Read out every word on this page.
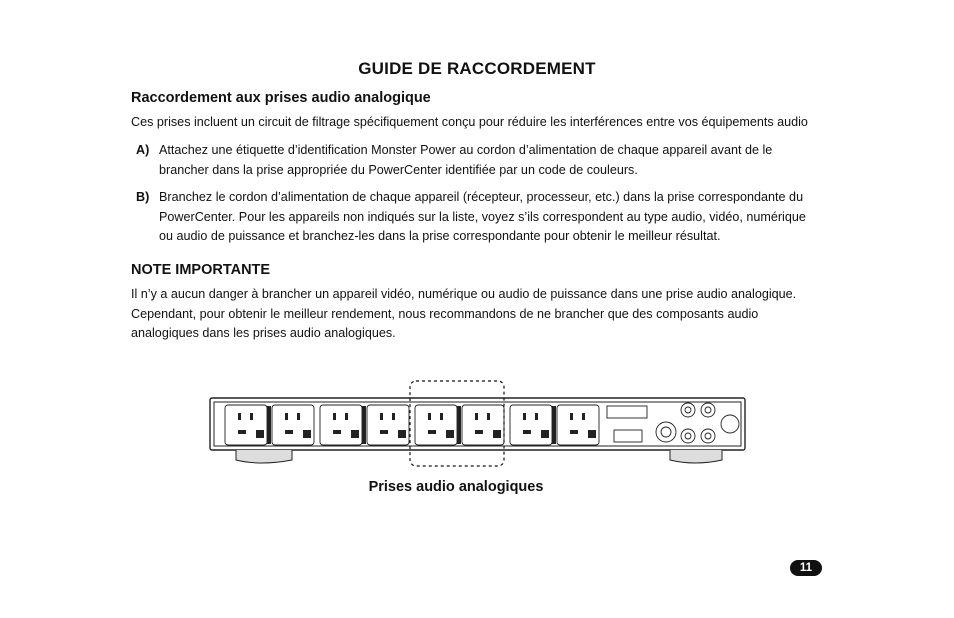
GUIDE DE RACCORDEMENT
Raccordement aux prises audio analogique
Ces prises incluent un circuit de filtrage spécifiquement conçu pour réduire les interférences entre vos équipements audio
A) Attachez une étiquette d’identification Monster Power au cordon d’alimentation de chaque appareil avant de le brancher dans la prise appropriée du PowerCenter identifiée par un code de couleurs.
B) Branchez le cordon d’alimentation de chaque appareil (récepteur, processeur, etc.) dans la prise correspondante du PowerCenter. Pour les appareils non indiqués sur la liste, voyez s’ils correspondent au type audio, vidéo, numérique ou audio de puissance et branchez-les dans la prise correspondante pour obtenir le meilleur résultat.
NOTE IMPORTANTE
Il n’y a aucun danger à brancher un appareil vidéo, numérique ou audio de puissance dans une prise audio analogique. Cependant, pour obtenir le meilleur rendement, nous recommandons de ne brancher que des composants audio analogiques dans les prises audio analogiques.
Prises audio analogiques
11
